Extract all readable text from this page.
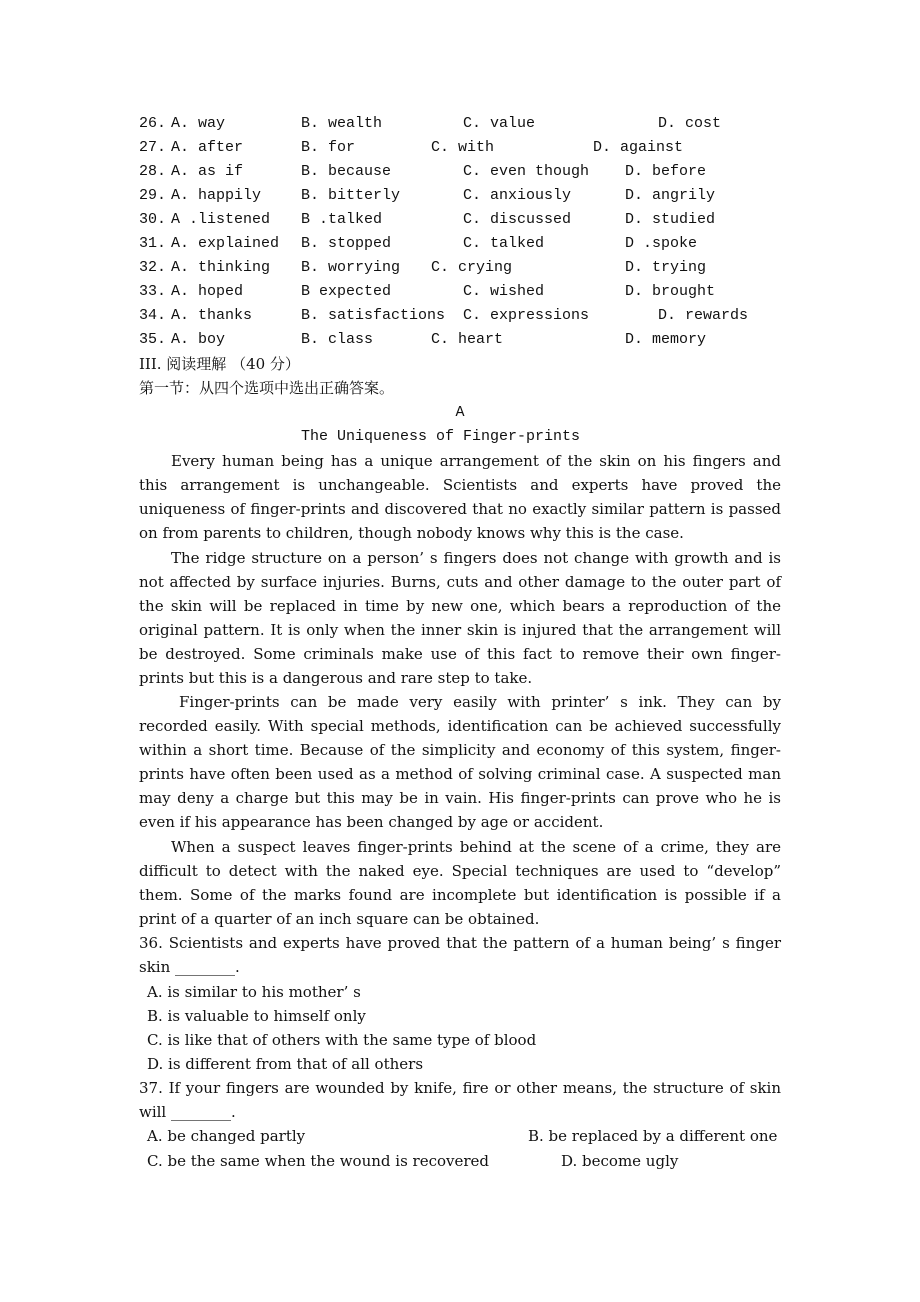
26. A. way	B. wealth	C. value	D. cost
27. A. after	B. for	C. with	D. against
28. A. as if	B. because	C. even though D. before
29. A. happily	B. bitterly	C. anxiously	D. angrily
30. A .listened B .talked	C. discussed	D. studied
31. A. explained B. stopped	C. talked	D .spoke
32. A. thinking B. worrying C. crying	D. trying
33. A. hoped	B expected	C. wished	D. brought
34. A. thanks	B. satisfactions C. expressions	D. rewards
35. A. boy	B. class	C. heart	D. memory
III. 阅读理解 （40 分）
第一节：从四个选项中选出正确答案。
A
The Uniqueness of Finger-prints
Every human being has a unique arrangement of the skin on his fingers and this arrangement is unchangeable. Scientists and experts have proved the uniqueness of finger-prints and discovered that no exactly similar pattern is passed on from parents to children, though nobody knows why this is the case.
The ridge structure on a person’ s fingers does not change with growth and is not affected by surface injuries. Burns, cuts and other damage to the outer part of the skin will be replaced in time by new one, which bears a reproduction of the original pattern. It is only when the inner skin is injured that the arrangement will be destroyed. Some criminals make use of this fact to remove their own finger-prints but this is a dangerous and rare step to take.
Finger-prints can be made very easily with printer’ s ink. They can by recorded easily. With special methods, identification can be achieved successfully within a short time. Because of the simplicity and economy of this system, finger-prints have often been used as a method of solving criminal case. A suspected man may deny a charge but this may be in vain. His finger-prints can prove who he is even if his appearance has been changed by age or accident.
When a suspect leaves finger-prints behind at the scene of a crime, they are difficult to detect with the naked eye. Special techniques are used to “develop” them. Some of the marks found are incomplete but identification is possible if a print of a quarter of an inch square can be obtained.
36. Scientists and experts have proved that the pattern of a human being’ s finger skin ________.
A. is similar to his mother’ s
B. is valuable to himself only
C. is like that of others with the same type of blood
D. is different from that of all others
37. If your fingers are wounded by knife, fire or other means, the structure of skin will ________.
A. be changed partly	B. be replaced by a different one
C. be the same when the wound is recovered	D. become ugly
